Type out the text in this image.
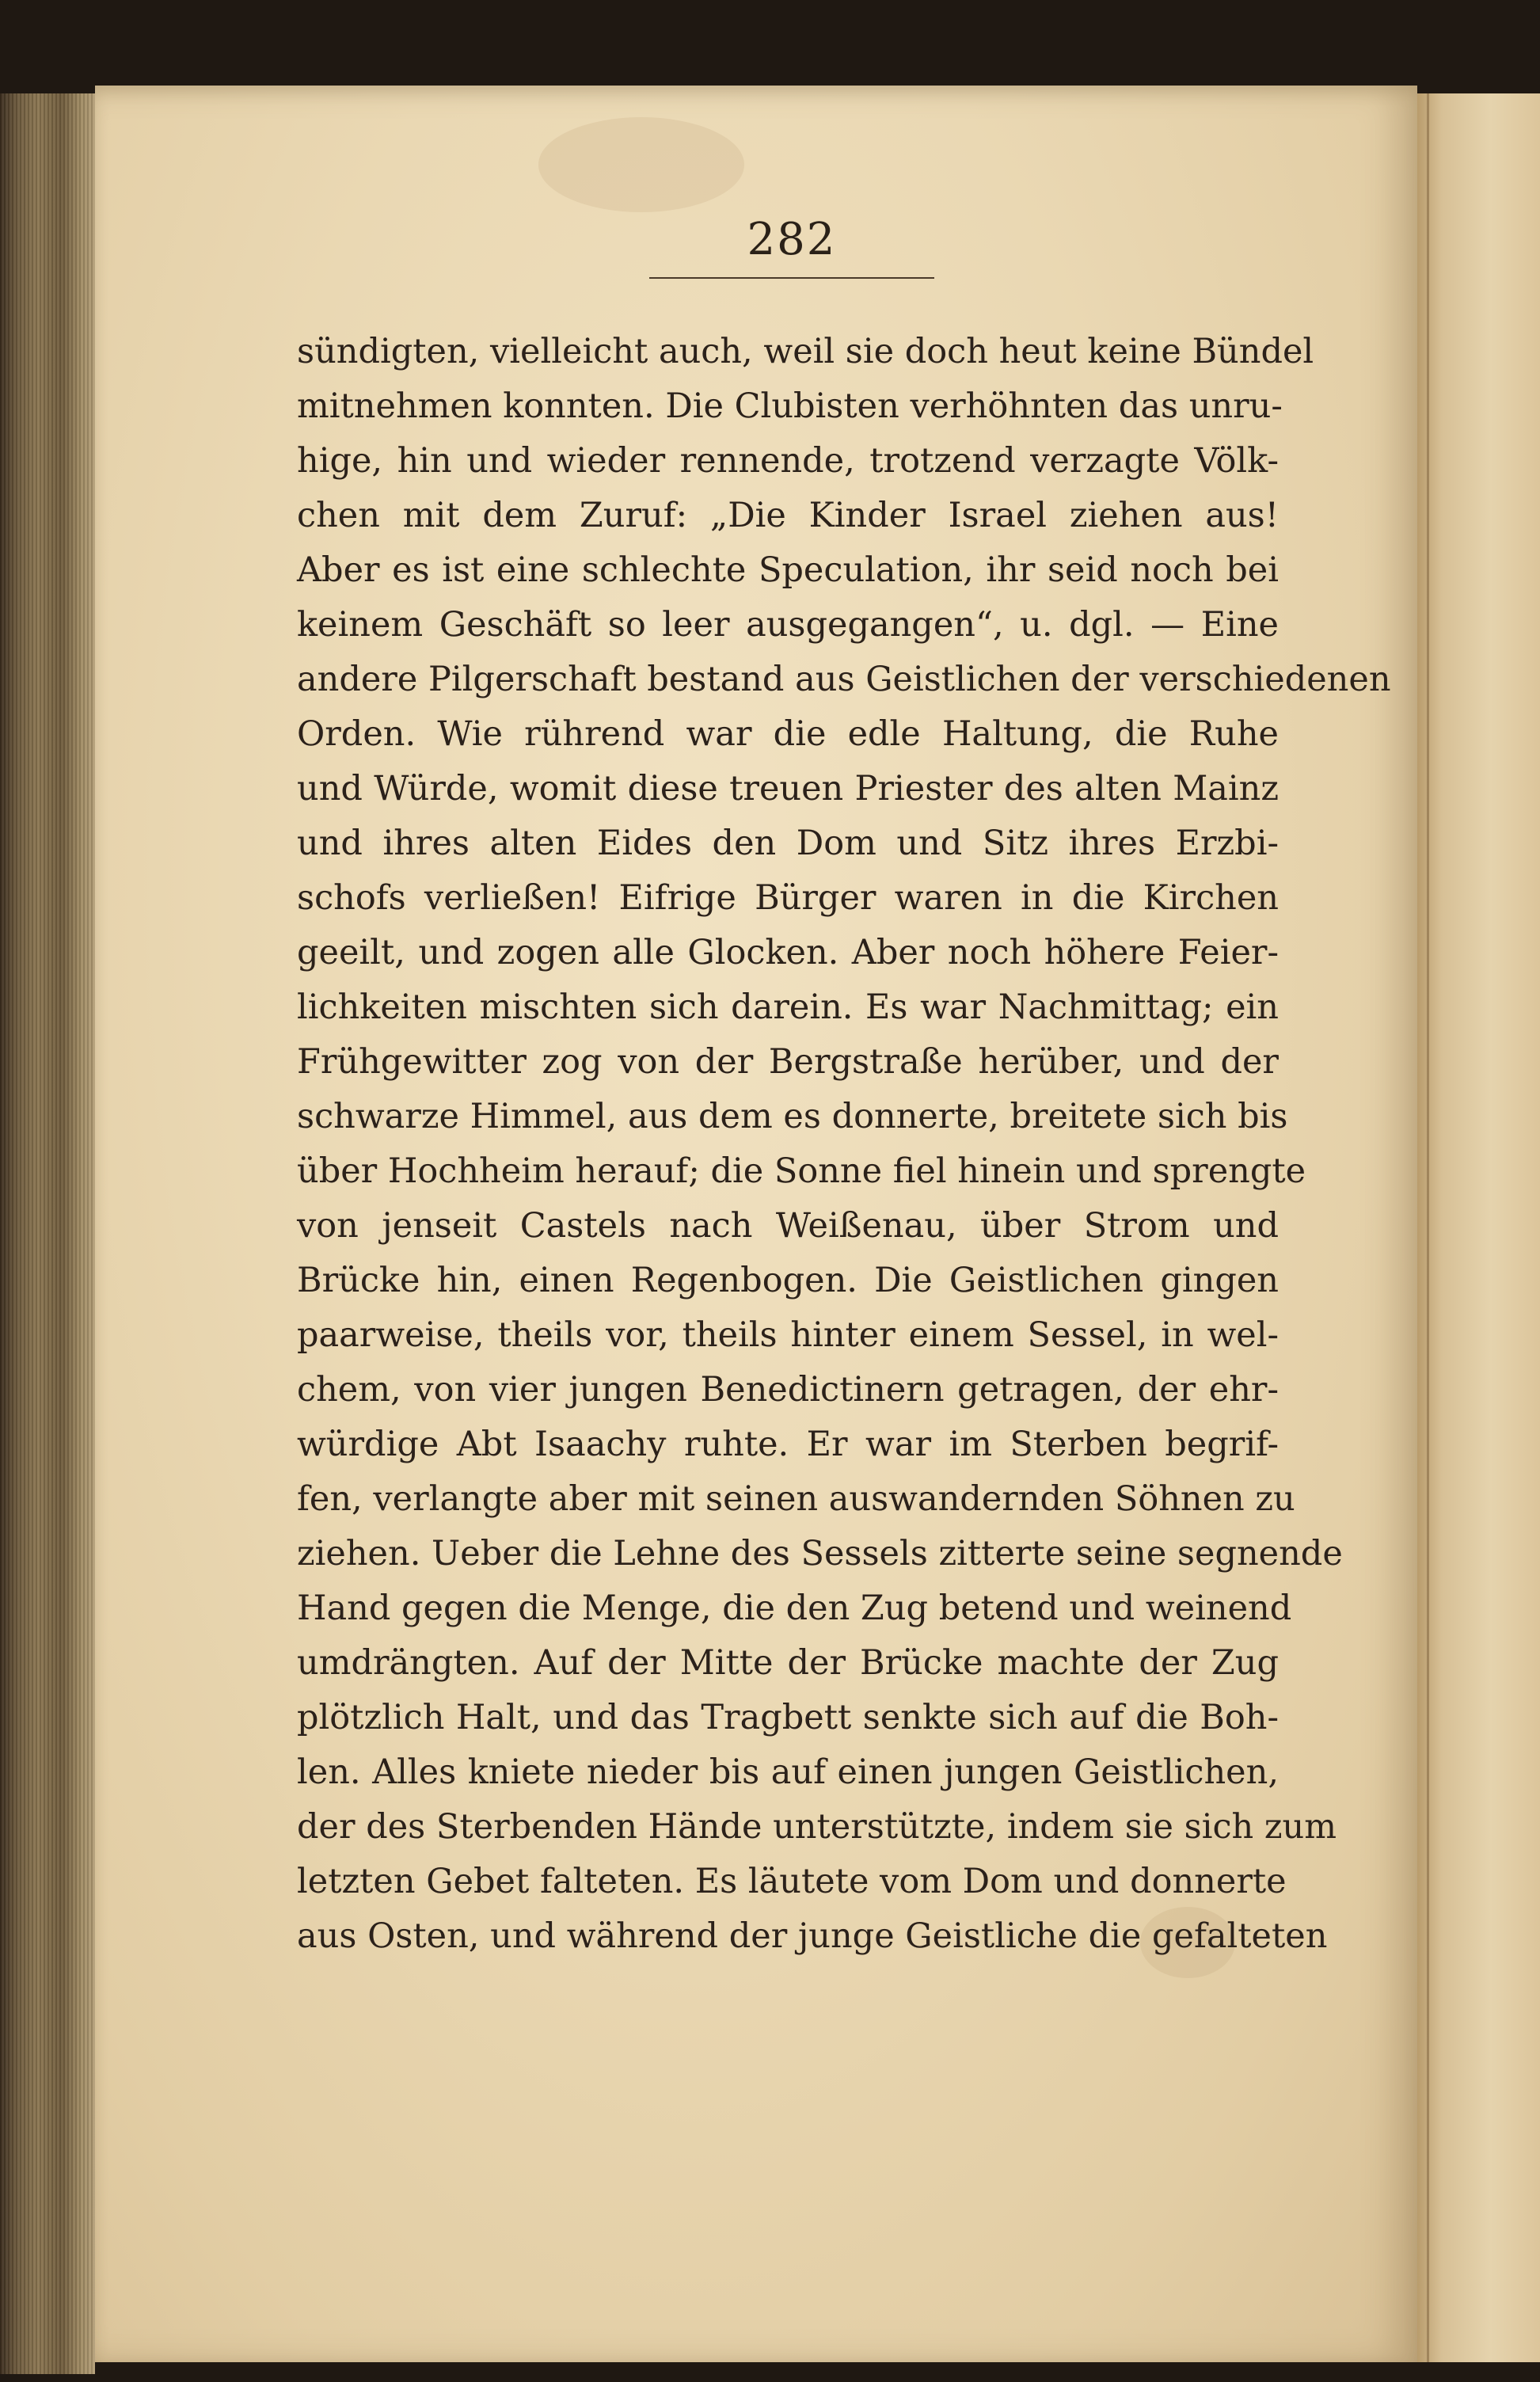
282
sündigten, vielleicht auch, weil sie doch heut keine Bündel
mitnehmen konnten. Die Clubisten verhöhnten das unru-
hige, hin und wieder rennende, trotzend verzagte Völk-
chen mit dem Zuruf: „Die Kinder Israel ziehen aus!
Aber es ist eine schlechte Speculation, ihr seid noch bei
keinem Geschäft so leer ausgegangen“, u. dgl. — Eine
andere Pilgerschaft bestand aus Geistlichen der verschiedenen
Orden. Wie rührend war die edle Haltung, die Ruhe
und Würde, womit diese treuen Priester des alten Mainz
und ihres alten Eides den Dom und Sitz ihres Erzbi-
schofs verließen! Eifrige Bürger waren in die Kirchen
geeilt, und zogen alle Glocken. Aber noch höhere Feier-
lichkeiten mischten sich darein. Es war Nachmittag; ein
Frühgewitter zog von der Bergstraße herüber, und der
schwarze Himmel, aus dem es donnerte, breitete sich bis
über Hochheim herauf; die Sonne fiel hinein und sprengte
von jenseit Castels nach Weißenau, über Strom und
Brücke hin, einen Regenbogen. Die Geistlichen gingen
paarweise, theils vor, theils hinter einem Sessel, in wel-
chem, von vier jungen Benedictinern getragen, der ehr-
würdige Abt Isaachy ruhte. Er war im Sterben begrif-
fen, verlangte aber mit seinen auswandernden Söhnen zu
ziehen. Ueber die Lehne des Sessels zitterte seine segnende
Hand gegen die Menge, die den Zug betend und weinend
umdrängten. Auf der Mitte der Brücke machte der Zug
plötzlich Halt, und das Tragbett senkte sich auf die Boh-
len. Alles kniete nieder bis auf einen jungen Geistlichen,
der des Sterbenden Hände unterstützte, indem sie sich zum
letzten Gebet falteten. Es läutete vom Dom und donnerte
aus Osten, und während der junge Geistliche die gefalteten
